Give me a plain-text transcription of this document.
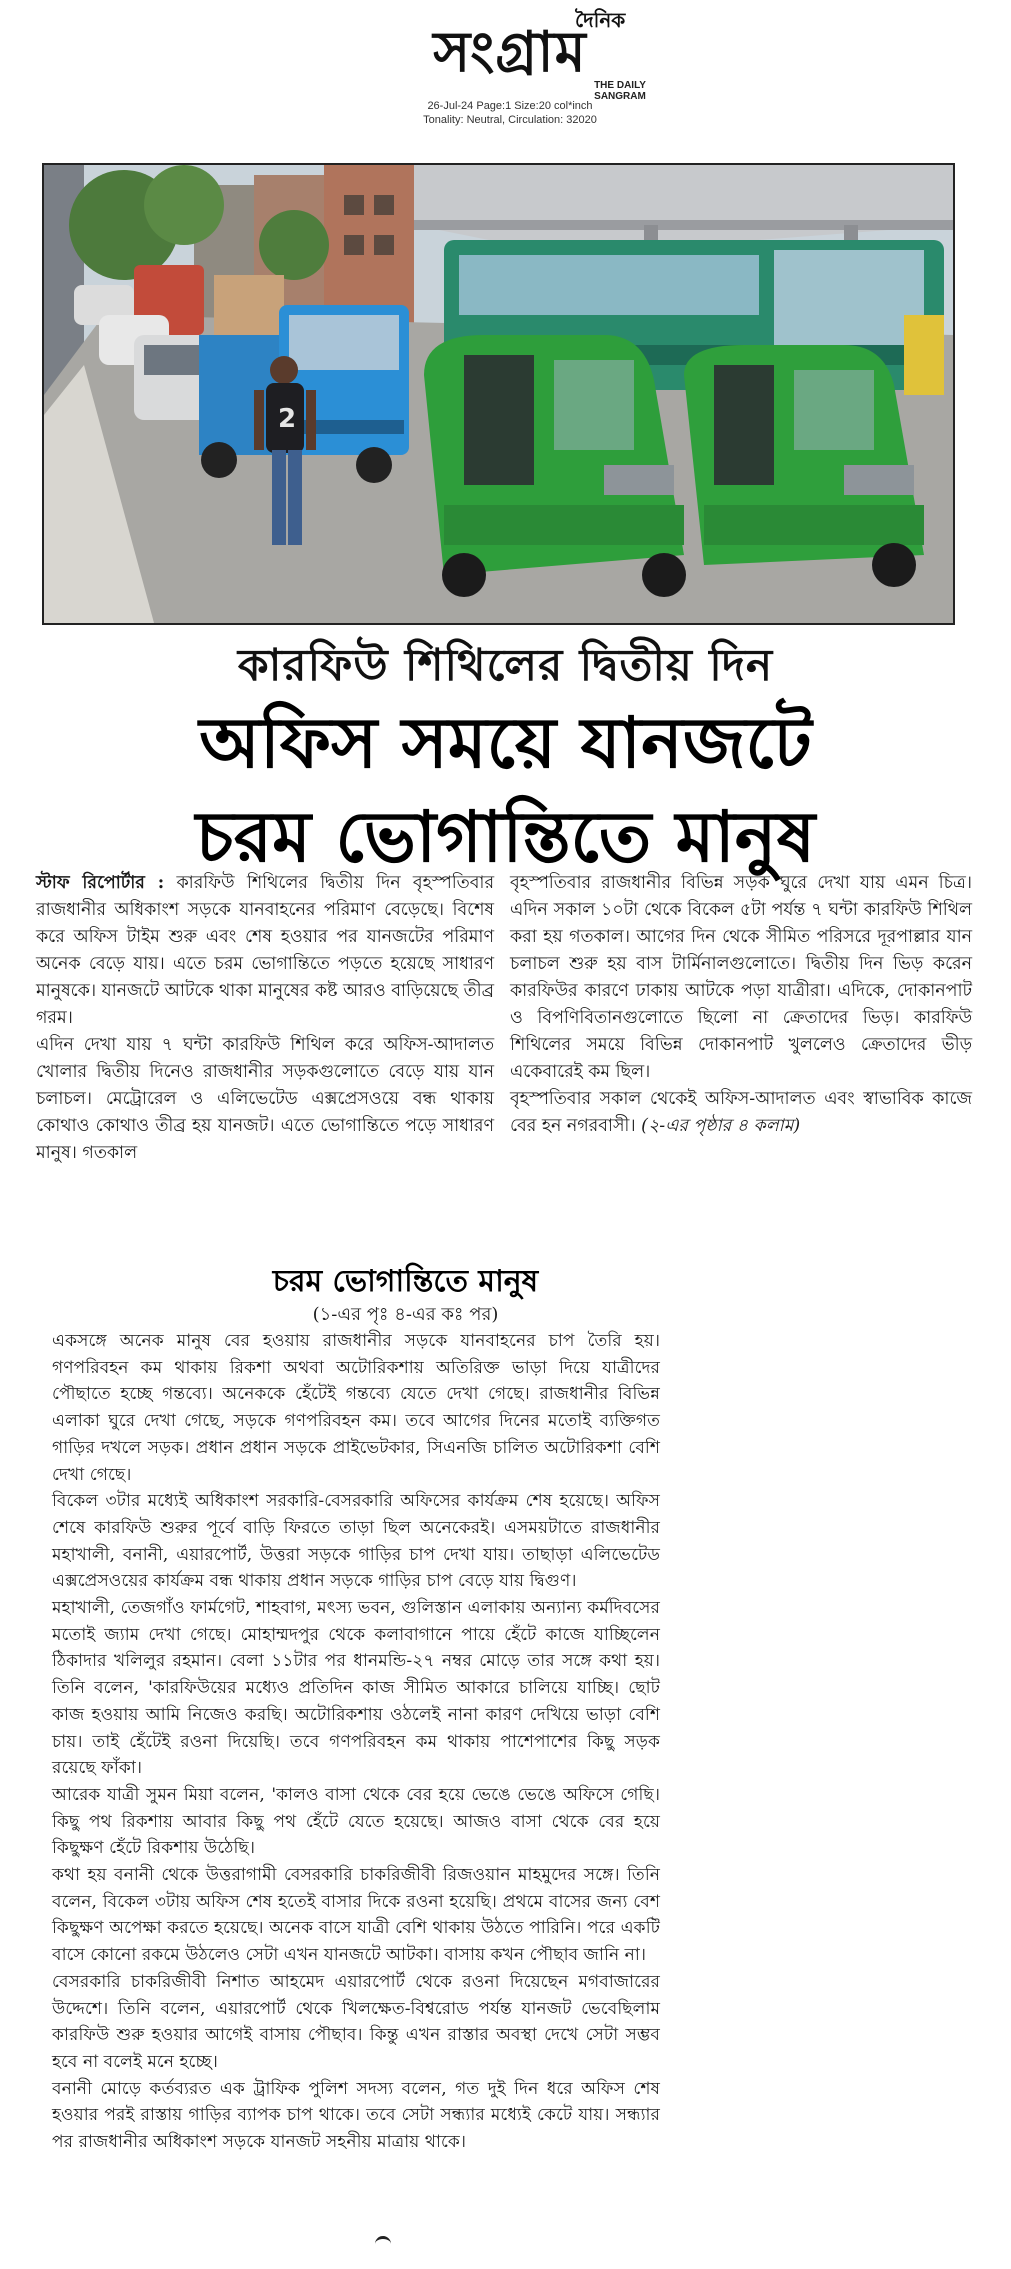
দৈনিক
সংগ্রাম
THE DAILY SANGRAM
26-Jul-24 Page:1 Size:20 col*inch
Tonality: Neutral, Circulation: 32020
2
কারফিউ শিথিলের দ্বিতীয় দিন
অফিস সময়ে যানজটে
চরম ভোগান্তিতে মানুষ

স্টাফ রিপোর্টার : কারফিউ শিথিলের দ্বিতীয় দিন বৃহস্পতিবার রাজধানীর অধিকাংশ সড়কে যানবাহনের পরিমাণ বেড়েছে। বিশেষ করে অফিস টাইম শুরু এবং শেষ হওয়ার পর যানজটের পরিমাণ অনেক বেড়ে যায়। এতে চরম ভোগান্তিতে পড়তে হয়েছে সাধারণ মানুষকে। যানজটে আটকে থাকা মানুষের কষ্ট আরও বাড়িয়েছে তীব্র গরম।

এদিন দেখা যায় ৭ ঘন্টা কারফিউ শিথিল করে অফিস-আদালত খোলার দ্বিতীয় দিনেও রাজধানীর সড়কগুলোতে বেড়ে যায় যান চলাচল। মেট্রোরেল ও এলিভেটেড এক্সপ্রেসওয়ে বন্ধ থাকায় কোথাও কোথাও তীব্র হয় যানজট। এতে ভোগান্তিতে পড়ে সাধারণ মানুষ। গতকাল

বৃহস্পতিবার রাজধানীর বিভিন্ন সড়ক ঘুরে দেখা যায় এমন চিত্র। এদিন সকাল ১০টা থেকে বিকেল ৫টা পর্যন্ত ৭ ঘন্টা কারফিউ শিথিল করা হয় গতকাল। আগের দিন থেকে সীমিত পরিসরে দূরপাল্লার যান চলাচল শুরু হয় বাস টার্মিনালগুলোতে। দ্বিতীয় দিন ভিড় করেন কারফিউর কারণে ঢাকায় আটকে পড়া যাত্রীরা। এদিকে, দোকানপাট ও বিপণিবিতানগুলোতে ছিলো না ক্রেতাদের ভিড়। কারফিউ শিথিলের সময়ে বিভিন্ন দোকানপাট খুললেও ক্রেতাদের ভীড় একেবারেই কম ছিল।

বৃহস্পতিবার সকাল থেকেই অফিস-আদালত এবং স্বাভাবিক কাজে বের হন নগরবাসী। (২-এর পৃষ্ঠার ৪ কলাম)

চরম ভোগান্তিতে মানুষ
(১-এর পৃঃ ৪-এর কঃ পর)

একসঙ্গে অনেক মানুষ বের হওয়ায় রাজধানীর সড়কে যানবাহনের চাপ তৈরি হয়। গণপরিবহন কম থাকায় রিকশা অথবা অটোরিকশায় অতিরিক্ত ভাড়া দিয়ে যাত্রীদের পৌছাতে হচ্ছে গন্তব্যে। অনেককে হেঁটেই গন্তব্যে যেতে দেখা গেছে। রাজধানীর বিভিন্ন এলাকা ঘুরে দেখা গেছে, সড়কে গণপরিবহন কম। তবে আগের দিনের মতোই ব্যক্তিগত গাড়ির দখলে সড়ক। প্রধান প্রধান সড়কে প্রাইভেটকার, সিএনজি চালিত অটোরিকশা বেশি দেখা গেছে।

বিকেল ৩টার মধ্যেই অধিকাংশ সরকারি-বেসরকারি অফিসের কার্যক্রম শেষ হয়েছে। অফিস শেষে কারফিউ শুরুর পূর্বে বাড়ি ফিরতে তাড়া ছিল অনেকেরই। এসময়টাতে রাজধানীর মহাখালী, বনানী, এয়ারপোর্ট, উত্তরা সড়কে গাড়ির চাপ দেখা যায়। তাছাড়া এলিভেটেড এক্সপ্রেসওয়ের কার্যক্রম বন্ধ থাকায় প্রধান সড়কে গাড়ির চাপ বেড়ে যায় দ্বিগুণ।

মহাখালী, তেজগাঁও ফার্মগেট, শাহবাগ, মৎস্য ভবন, গুলিস্তান এলাকায় অন্যান্য কর্মদিবসের মতোই জ্যাম দেখা গেছে। মোহাম্মদপুর থেকে কলাবাগানে পায়ে হেঁটে কাজে যাচ্ছিলেন ঠিকাদার খলিলুর রহমান। বেলা ১১টার পর ধানমন্ডি-২৭ নম্বর মোড়ে তার সঙ্গে কথা হয়। তিনি বলেন, 'কারফিউয়ের মধ্যেও প্রতিদিন কাজ সীমিত আকারে চালিয়ে যাচ্ছি। ছোট কাজ হওয়ায় আমি নিজেও করছি। অটোরিকশায় ওঠলেই নানা কারণ দেখিয়ে ভাড়া বেশি চায়। তাই হেঁটেই রওনা দিয়েছি। তবে গণপরিবহন কম থাকায় পাশেপাশের কিছু সড়ক রয়েছে ফাঁকা।

আরেক যাত্রী সুমন মিয়া বলেন, 'কালও বাসা থেকে বের হয়ে ভেঙে ভেঙে অফিসে গেছি। কিছু পথ রিকশায় আবার কিছু পথ হেঁটে যেতে হয়েছে। আজও বাসা থেকে বের হয়ে কিছুক্ষণ হেঁটে রিকশায় উঠেছি।

কথা হয় বনানী থেকে উত্তরাগামী বেসরকারি চাকরিজীবী রিজওয়ান মাহমুদের সঙ্গে। তিনি বলেন, বিকেল ৩টায় অফিস শেষ হতেই বাসার দিকে রওনা হয়েছি। প্রথমে বাসের জন্য বেশ কিছুক্ষণ অপেক্ষা করতে হয়েছে। অনেক বাসে যাত্রী বেশি থাকায় উঠতে পারিনি। পরে একটি বাসে কোনো রকমে উঠলেও সেটা এখন যানজটে আটকা। বাসায় কখন পৌছাব জানি না।

বেসরকারি চাকরিজীবী নিশাত আহমেদ এয়ারপোর্ট থেকে রওনা দিয়েছেন মগবাজারের উদ্দেশে। তিনি বলেন, এয়ারপোর্ট থেকে খিলক্ষেত-বিশ্বরোড পর্যন্ত যানজট ভেবেছিলাম কারফিউ শুরু হওয়ার আগেই বাসায় পৌছাব। কিন্তু এখন রাস্তার অবস্থা দেখে সেটা সম্ভব হবে না বলেই মনে হচ্ছে।

বনানী মোড়ে কর্তব্যরত এক ট্রাফিক পুলিশ সদস্য বলেন, গত দুই দিন ধরে অফিস শেষ হওয়ার পরই রাস্তায় গাড়ির ব্যাপক চাপ থাকে। তবে সেটা সন্ধ্যার মধ্যেই কেটে যায়। সন্ধ্যার পর রাজধানীর অধিকাংশ সড়কে যানজট সহনীয় মাত্রায় থাকে।
